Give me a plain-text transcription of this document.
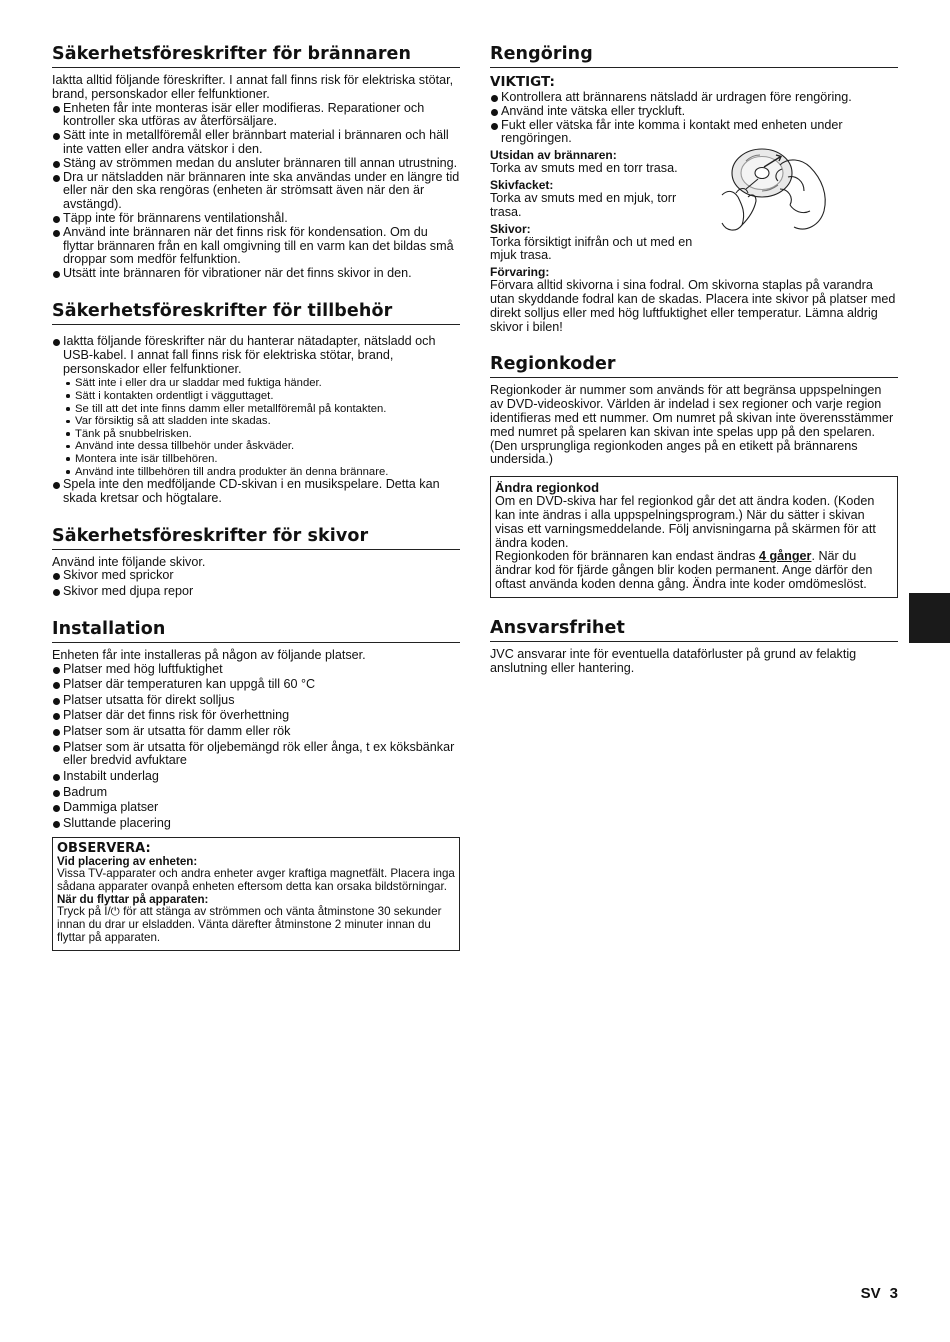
Säkerhetsföreskrifter för brännaren

Iaktta alltid följande föreskrifter. I annat fall finns risk för elektriska stötar, brand, personskador eller felfunktioner.

Enheten får inte monteras isär eller modifieras. Reparationer och kontroller ska utföras av återförsäljare.
Sätt inte in metallföremål eller brännbart material i brännaren och häll inte vatten eller andra vätskor i den.
Stäng av strömmen medan du ansluter brännaren till annan utrustning.
Dra ur nätsladden när brännaren inte ska användas under en längre tid eller när den ska rengöras (enheten är strömsatt även när den är avstängd).
Täpp inte för brännarens ventilationshål.
Använd inte brännaren när det finns risk för kondensation. Om du flyttar brännaren från en kall omgivning till en varm kan det bildas små droppar som medför felfunktion.
Utsätt inte brännaren för vibrationer när det finns skivor in den.
Säkerhetsföreskrifter för tillbehör
Iaktta följande föreskrifter när du hanterar nätadapter, nätsladd och USB-kabel. I annat fall finns risk för elektriska stötar, brand, personskador eller felfunktioner.
Sätt inte i eller dra ur sladdar med fuktiga händer.
Sätt i kontakten ordentligt i vägguttaget.
Se till att det inte finns damm eller metallföremål på kontakten.
Var försiktig så att sladden inte skadas.
Tänk på snubbelrisken.
Använd inte dessa tillbehör under åskväder.
Montera inte isär tillbehören.
Använd inte tillbehören till andra produkter än denna brännare.
Spela inte den medföljande CD-skivan i en musikspelare. Detta kan skada kretsar och högtalare.
Säkerhetsföreskrifter för skivor

Använd inte följande skivor.

Skivor med sprickor
Skivor med djupa repor
Installation

Enheten får inte installeras på någon av följande platser.

Platser med hög luftfuktighet
Platser där temperaturen kan uppgå till 60 °C
Platser utsatta för direkt solljus
Platser där det finns risk för överhettning
Platser som är utsatta för damm eller rök
Platser som är utsatta för oljebemängd rök eller ånga, t ex köksbänkar eller bredvid avfuktare
Instabilt underlag
Badrum
Dammiga platser
Sluttande placering
OBSERVERA:
Vid placering av enheten:

Vissa TV-apparater och andra enheter avger kraftiga magnetfält. Placera inga sådana apparater ovanpå enheten eftersom detta kan orsaka bildstörningar.

När du flyttar på apparaten:

Tryck på I/⏻ för att stänga av strömmen och vänta åtminstone 30 sekunder innan du drar ur elsladden. Vänta därefter åtminstone 2 minuter innan du flyttar på apparaten.

Rengöring
VIKTIGT:
Kontrollera att brännarens nätsladd är urdragen före rengöring.
Använd inte vätska eller tryckluft.
Fukt eller vätska får inte komma i kontakt med enheten under rengöringen.
Utsidan av brännaren:

Torka av smuts med en torr trasa.

Skivfacket:

Torka av smuts med en mjuk, torr trasa.

Skivor:

Torka försiktigt inifrån och ut med en mjuk trasa.

Förvaring:

Förvara alltid skivorna i sina fodral. Om skivorna staplas på varandra utan skyddande fodral kan de skadas. Placera inte skivor på platser med direkt solljus eller med hög luftfuktighet eller temperatur. Lämna aldrig skivor i bilen!

Regionkoder

Regionkoder är nummer som används för att begränsa uppspelningen av DVD-videoskivor. Världen är indelad i sex regioner och varje region identifieras med ett nummer. Om numret på skivan inte överensstämmer med numret på spelaren kan skivan inte spelas upp på den spelaren. (Den ursprungliga regionkoden anges på en etikett på brännarens undersida.)

Ändra regionkod

Om en DVD-skiva har fel regionkod går det att ändra koden. (Koden kan inte ändras i alla uppspelningsprogram.) När du sätter i skivan visas ett varningsmeddelande. Följ anvisningarna på skärmen för att ändra koden.

Regionkoden för brännaren kan endast ändras 4 gånger. När du ändrar kod för fjärde gången blir koden permanent. Ange därför den oftast använda koden denna gång. Ändra inte koder omdömeslöst.

Ansvarsfrihet

JVC ansvarar inte för eventuella dataförluster på grund av felaktig anslutning eller hantering.

SV 3
